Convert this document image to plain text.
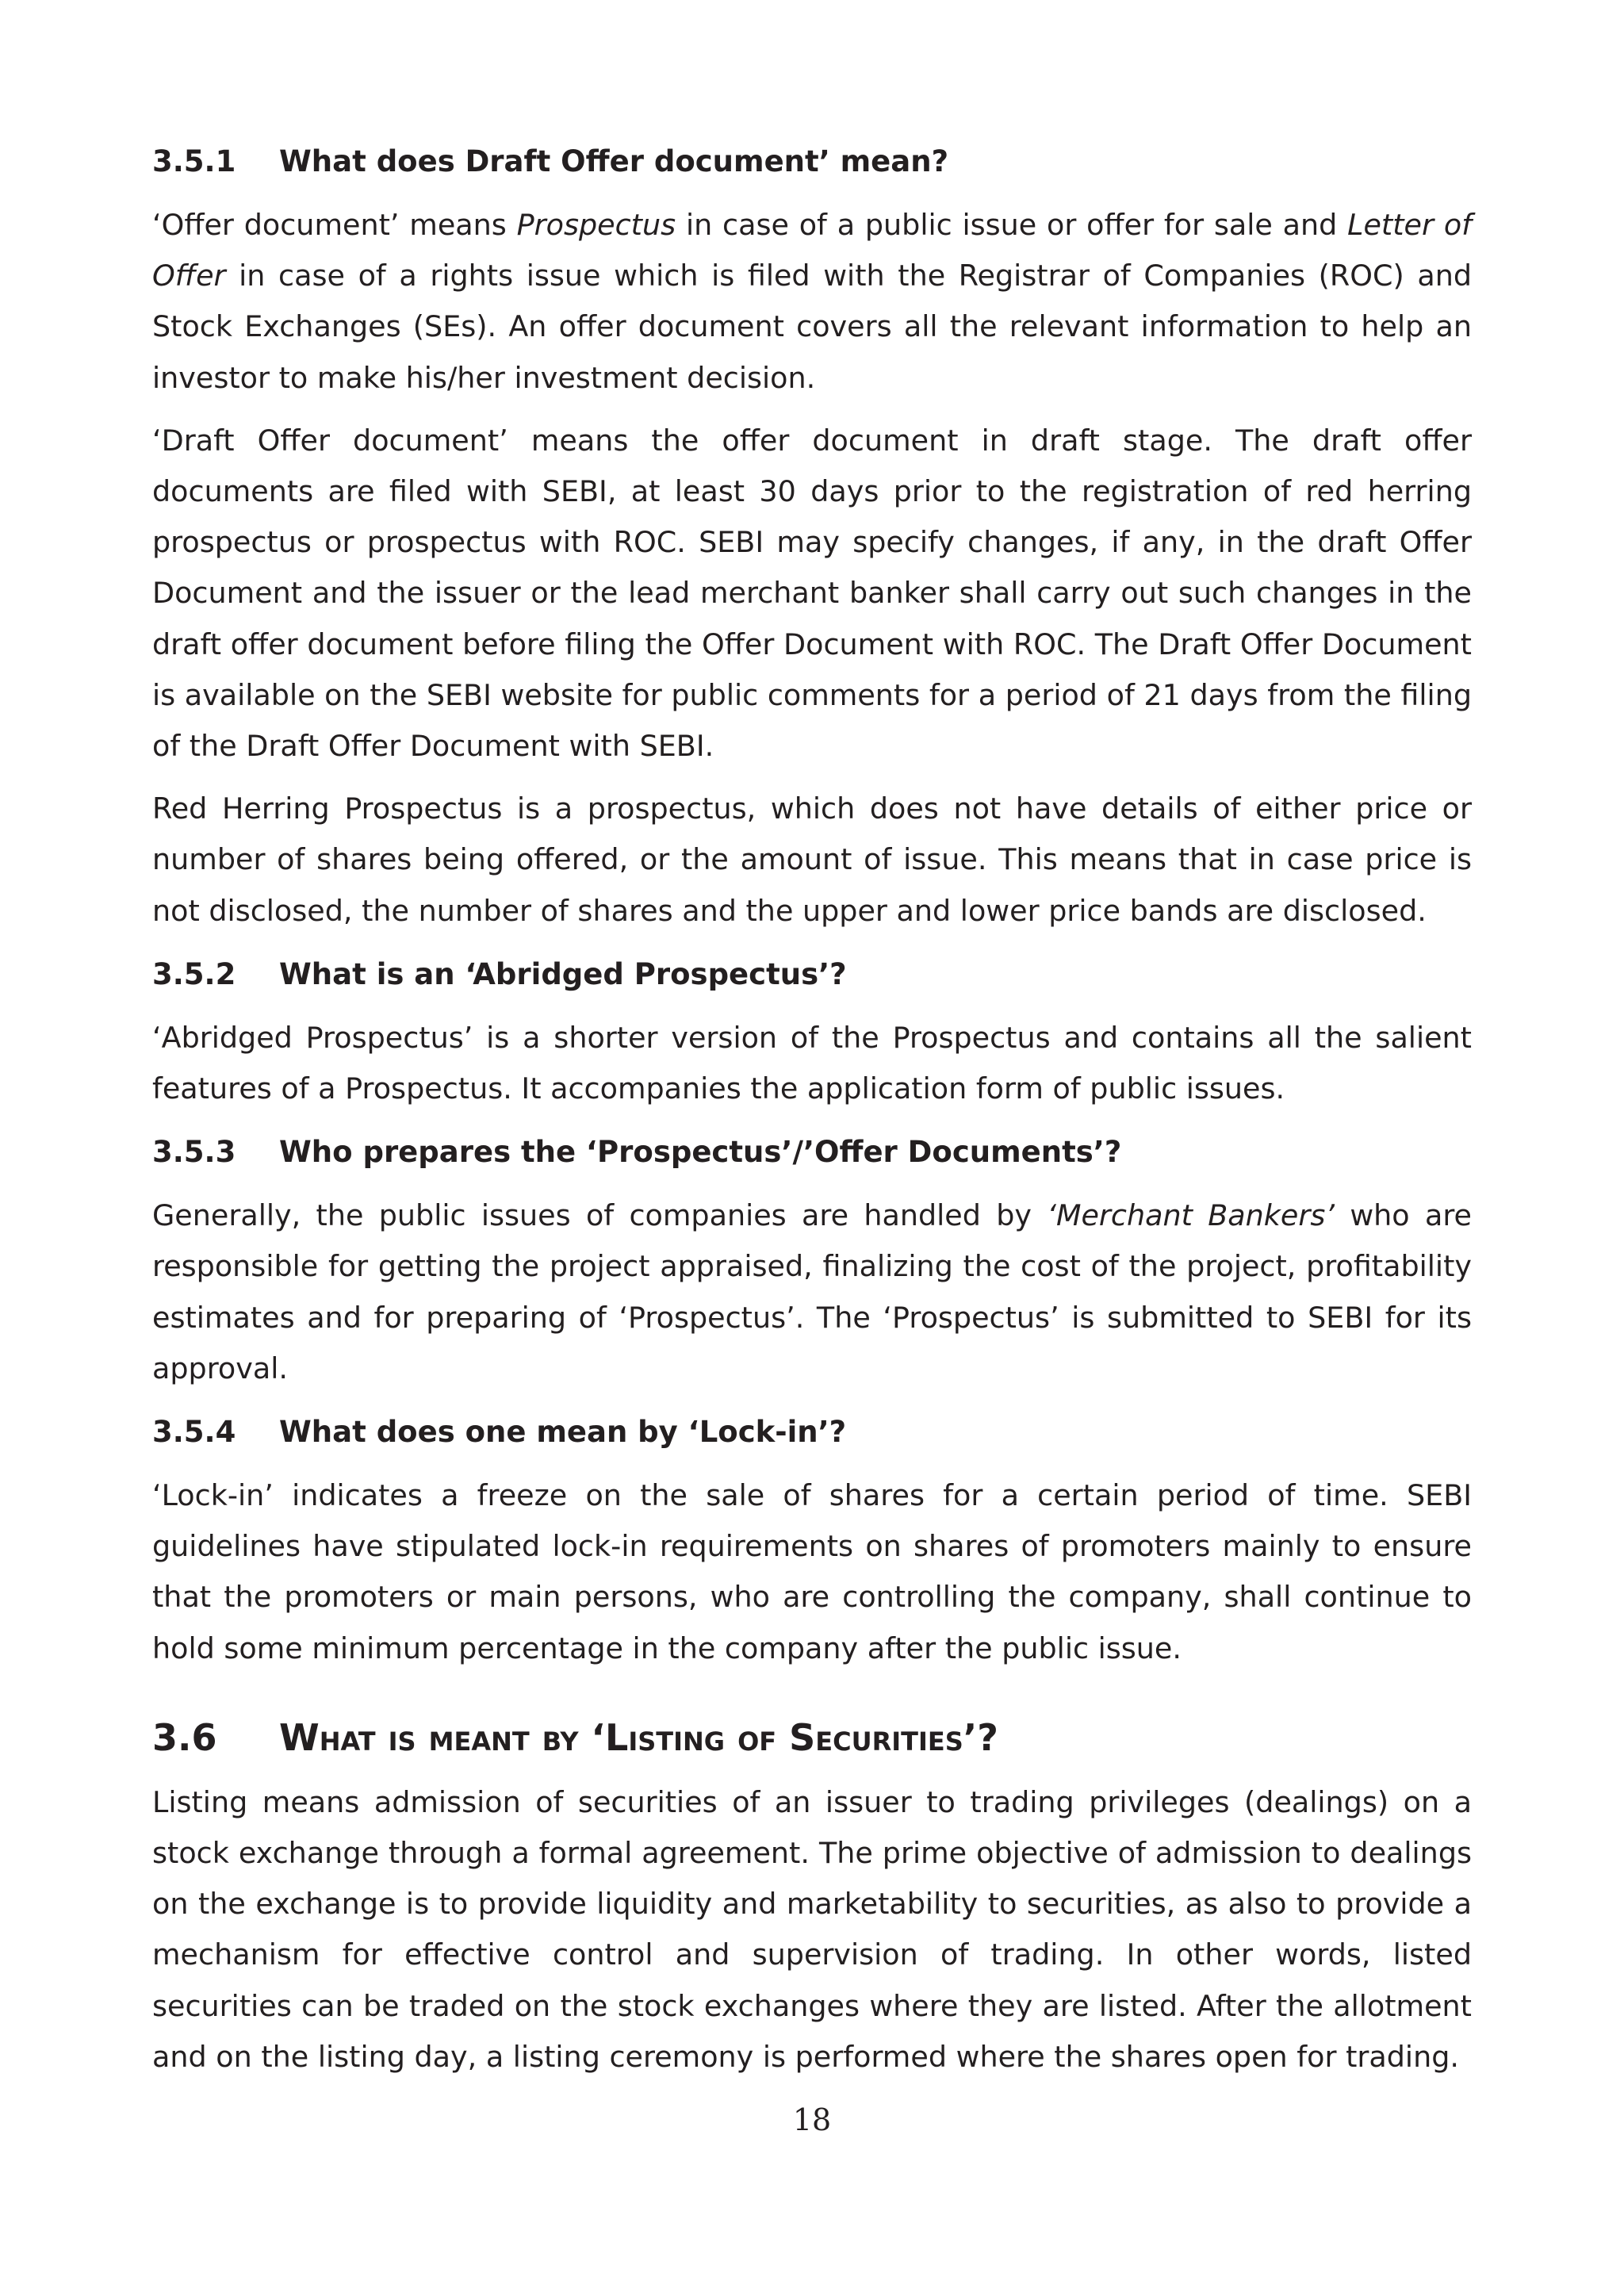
3.5.1	What does Draft Offer document’ mean?

‘Offer document’ means Prospectus in case of a public issue or offer for sale and Letter of Offer in case of a rights issue which is filed with the Registrar of Companies (ROC) and Stock Exchanges (SEs). An offer document covers all the relevant information to help an investor to make his/her investment decision.

‘Draft Offer document’ means the offer document in draft stage. The draft offer documents are filed with SEBI, at least 30 days prior to the registration of red herring prospectus or prospectus with ROC. SEBI may specify changes, if any, in the draft Offer Document and the issuer or the lead merchant banker shall carry out such changes in the draft offer document before filing the Offer Document with ROC. The Draft Offer Document is available on the SEBI website for public comments for a period of 21 days from the filing of the Draft Offer Document with SEBI.

Red Herring Prospectus is a prospectus, which does not have details of either price or number of shares being offered, or the amount of issue. This means that in case price is not disclosed, the number of shares and the upper and lower price bands are disclosed.

3.5.2	What is an ‘Abridged Prospectus’?

‘Abridged Prospectus’ is a shorter version of the Prospectus and contains all the salient features of a Prospectus. It accompanies the application form of public issues.

3.5.3	Who prepares the ‘Prospectus’/’Offer Documents’?

Generally, the public issues of companies are handled by ‘Merchant Bankers’ who are responsible for getting the project appraised, finalizing the cost of the project, profitability estimates and for preparing of ‘Prospectus’. The ‘Prospectus’ is submitted to SEBI for its approval.

3.5.4	What does one mean by ‘Lock-in’?

‘Lock-in’ indicates a freeze on the sale of shares for a certain period of time. SEBI guidelines have stipulated lock-in requirements on shares of promoters mainly to ensure that the promoters or main persons, who are controlling the company, shall continue to hold some minimum percentage in the company after the public issue.

3.6	What is meant by ‘Listing of Securities’?

Listing means admission of securities of an issuer to trading privileges (dealings) on a stock exchange through a formal agreement. The prime objective of admission to dealings on the exchange is to provide liquidity and marketability to securities, as also to provide a mechanism for effective control and supervision of trading. In other words, listed securities can be traded on the stock exchanges where they are listed. After the allotment and on the listing day, a listing ceremony is performed where the shares open for trading.

18
